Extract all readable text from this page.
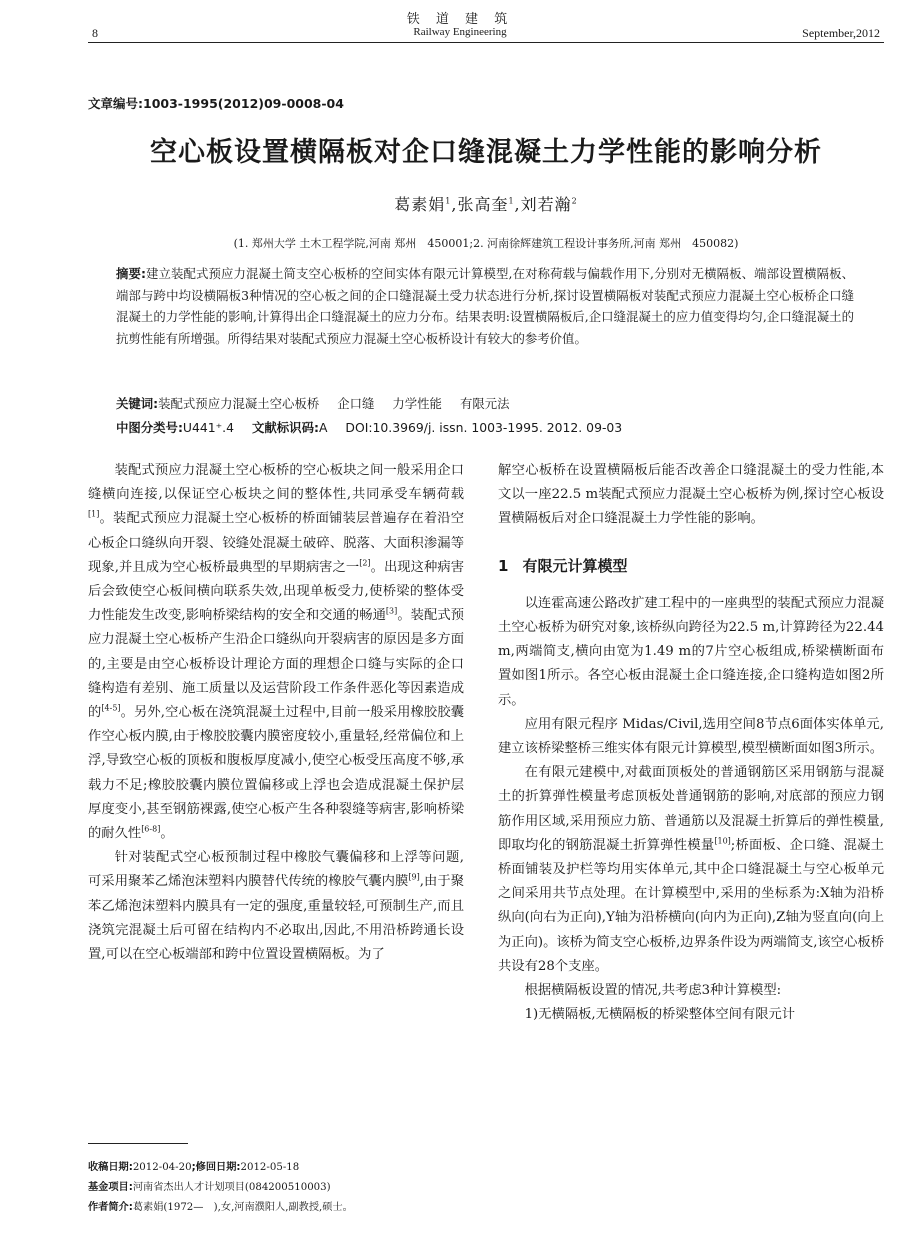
铁 道 建 筑
Railway Engineering
8	September,2012
文章编号:1003-1995(2012)09-0008-04
空心板设置横隔板对企口缝混凝土力学性能的影响分析
葛素娟$^1$,张高奎$^1$,刘若瀚$^2$
(1. 郑州大学 土木工程学院,河南 郑州　450001;2. 河南徐辉建筑工程设计事务所,河南 郑州　450082)
摘要:建立装配式预应力混凝土简支空心板桥的空间实体有限元计算模型,在对称荷载与偏载作用下,分别对无横隔板、端部设置横隔板、端部与跨中均设横隔板3种情况的空心板之间的企口缝混凝土受力状态进行分析,探讨设置横隔板对装配式预应力混凝土空心板桥企口缝混凝土的力学性能的影响,计算得出企口缝混凝土的应力分布。结果表明:设置横隔板后,企口缝混凝土的应力值变得均匀,企口缝混凝土的抗剪性能有所增强。所得结果对装配式预应力混凝土空心板桥设计有较大的参考价值。
关键词:装配式预应力混凝土空心板桥 企口缝 力学性能 有限元法
中图分类号:U441⁺.4 文献标识码:A DOI:10.3969/j. issn. 1003-1995. 2012. 09-03

装配式预应力混凝土空心板桥的空心板块之间一般采用企口缝横向连接,以保证空心板块之间的整体性,共同承受车辆荷载[1]。装配式预应力混凝土空心板桥的桥面铺装层普遍存在着沿空心板企口缝纵向开裂、铰缝处混凝土破碎、脱落、大面积渗漏等现象,并且成为空心板桥最典型的早期病害之一[2]。出现这种病害后会致使空心板间横向联系失效,出现单板受力,使桥梁的整体受力性能发生改变,影响桥梁结构的安全和交通的畅通[3]。装配式预应力混凝土空心板桥产生沿企口缝纵向开裂病害的原因是多方面的,主要是由空心板桥设计理论方面的理想企口缝与实际的企口缝构造有差别、施工质量以及运营阶段工作条件恶化等因素造成的[4-5]。另外,空心板在浇筑混凝土过程中,目前一般采用橡胶胶囊作空心板内膜,由于橡胶胶囊内膜密度较小,重量轻,经常偏位和上浮,导致空心板的顶板和腹板厚度减小,使空心板受压高度不够,承载力不足;橡胶胶囊内膜位置偏移或上浮也会造成混凝土保护层厚度变小,甚至钢筋裸露,使空心板产生各种裂缝等病害,影响桥梁的耐久性[6-8]。

针对装配式空心板预制过程中橡胶气囊偏移和上浮等问题,可采用聚苯乙烯泡沫塑料内膜替代传统的橡胶气囊内膜[9],由于聚苯乙烯泡沫塑料内膜具有一定的强度,重量较轻,可预制生产,而且浇筑完混凝土后可留在结构内不必取出,因此,不用沿桥跨通长设置,可以在空心板端部和跨中位置设置横隔板。为了

解空心板桥在设置横隔板后能否改善企口缝混凝土的受力性能,本文以一座22.5 m装配式预应力混凝土空心板桥为例,探讨空心板设置横隔板后对企口缝混凝土力学性能的影响。

1 有限元计算模型

以连霍高速公路改扩建工程中的一座典型的装配式预应力混凝土空心板桥为研究对象,该桥纵向跨径为22.5 m,计算跨径为22.44 m,两端简支,横向由宽为1.49 m的7片空心板组成,桥梁横断面布置如图1所示。各空心板由混凝土企口缝连接,企口缝构造如图2所示。

应用有限元程序 Midas/Civil,选用空间8节点6面体实体单元,建立该桥梁整桥三维实体有限元计算模型,模型横断面如图3所示。

在有限元建模中,对截面顶板处的普通钢筋区采用钢筋与混凝土的折算弹性模量考虑顶板处普通钢筋的影响,对底部的预应力钢筋作用区域,采用预应力筋、普通筋以及混凝土折算后的弹性模量,即取均化的钢筋混凝土折算弹性模量[10];桥面板、企口缝、混凝土桥面铺装及护栏等均用实体单元,其中企口缝混凝土与空心板单元之间采用共节点处理。在计算模型中,采用的坐标系为:X轴为沿桥纵向(向右为正向),Y轴为沿桥横向(向内为正向),Z轴为竖直向(向上为正向)。该桥为简支空心板桥,边界条件设为两端简支,该空心板桥共设有28个支座。

根据横隔板设置的情况,共考虑3种计算模型:

1)无横隔板,无横隔板的桥梁整体空间有限元计

收稿日期:2012-04-20;修回日期:2012-05-18
基金项目:河南省杰出人才计划项目(084200510003)
作者简介:葛素娟(1972—　),女,河南濮阳人,副教授,硕士。
